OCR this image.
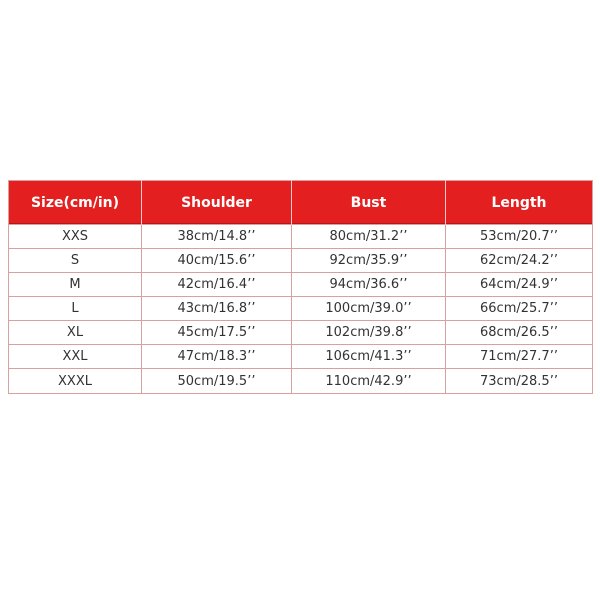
Size(cm/in)	Shoulder	Bust	Length
XXS	38cm/14.8’’	80cm/31.2’’	53cm/20.7’’
S	40cm/15.6’’	92cm/35.9’’	62cm/24.2’’
M	42cm/16.4’’	94cm/36.6’’	64cm/24.9’’
L	43cm/16.8’’	100cm/39.0’’	66cm/25.7’’
XL	45cm/17.5’’	102cm/39.8’’	68cm/26.5’’
XXL	47cm/18.3’’	106cm/41.3’’	71cm/27.7’’
XXXL	50cm/19.5’’	110cm/42.9’’	73cm/28.5’’
